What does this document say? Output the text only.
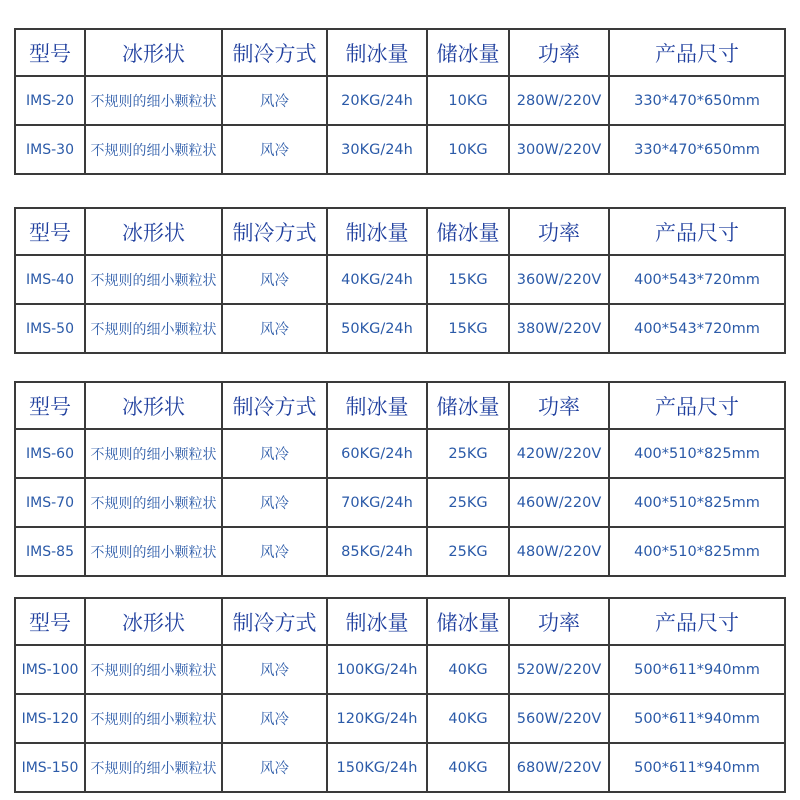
型号	冰形状	制冷方式	制冰量	储冰量	功率	产品尺寸
IMS-20	不规则的细小颗粒状	风冷	20KG/24h	10KG	280W/220V	330*470*650mm
IMS-30	不规则的细小颗粒状	风冷	30KG/24h	10KG	300W/220V	330*470*650mm
型号	冰形状	制冷方式	制冰量	储冰量	功率	产品尺寸
IMS-40	不规则的细小颗粒状	风冷	40KG/24h	15KG	360W/220V	400*543*720mm
IMS-50	不规则的细小颗粒状	风冷	50KG/24h	15KG	380W/220V	400*543*720mm
型号	冰形状	制冷方式	制冰量	储冰量	功率	产品尺寸
IMS-60	不规则的细小颗粒状	风冷	60KG/24h	25KG	420W/220V	400*510*825mm
IMS-70	不规则的细小颗粒状	风冷	70KG/24h	25KG	460W/220V	400*510*825mm
IMS-85	不规则的细小颗粒状	风冷	85KG/24h	25KG	480W/220V	400*510*825mm
型号	冰形状	制冷方式	制冰量	储冰量	功率	产品尺寸
IMS-100	不规则的细小颗粒状	风冷	100KG/24h	40KG	520W/220V	500*611*940mm
IMS-120	不规则的细小颗粒状	风冷	120KG/24h	40KG	560W/220V	500*611*940mm
IMS-150	不规则的细小颗粒状	风冷	150KG/24h	40KG	680W/220V	500*611*940mm
